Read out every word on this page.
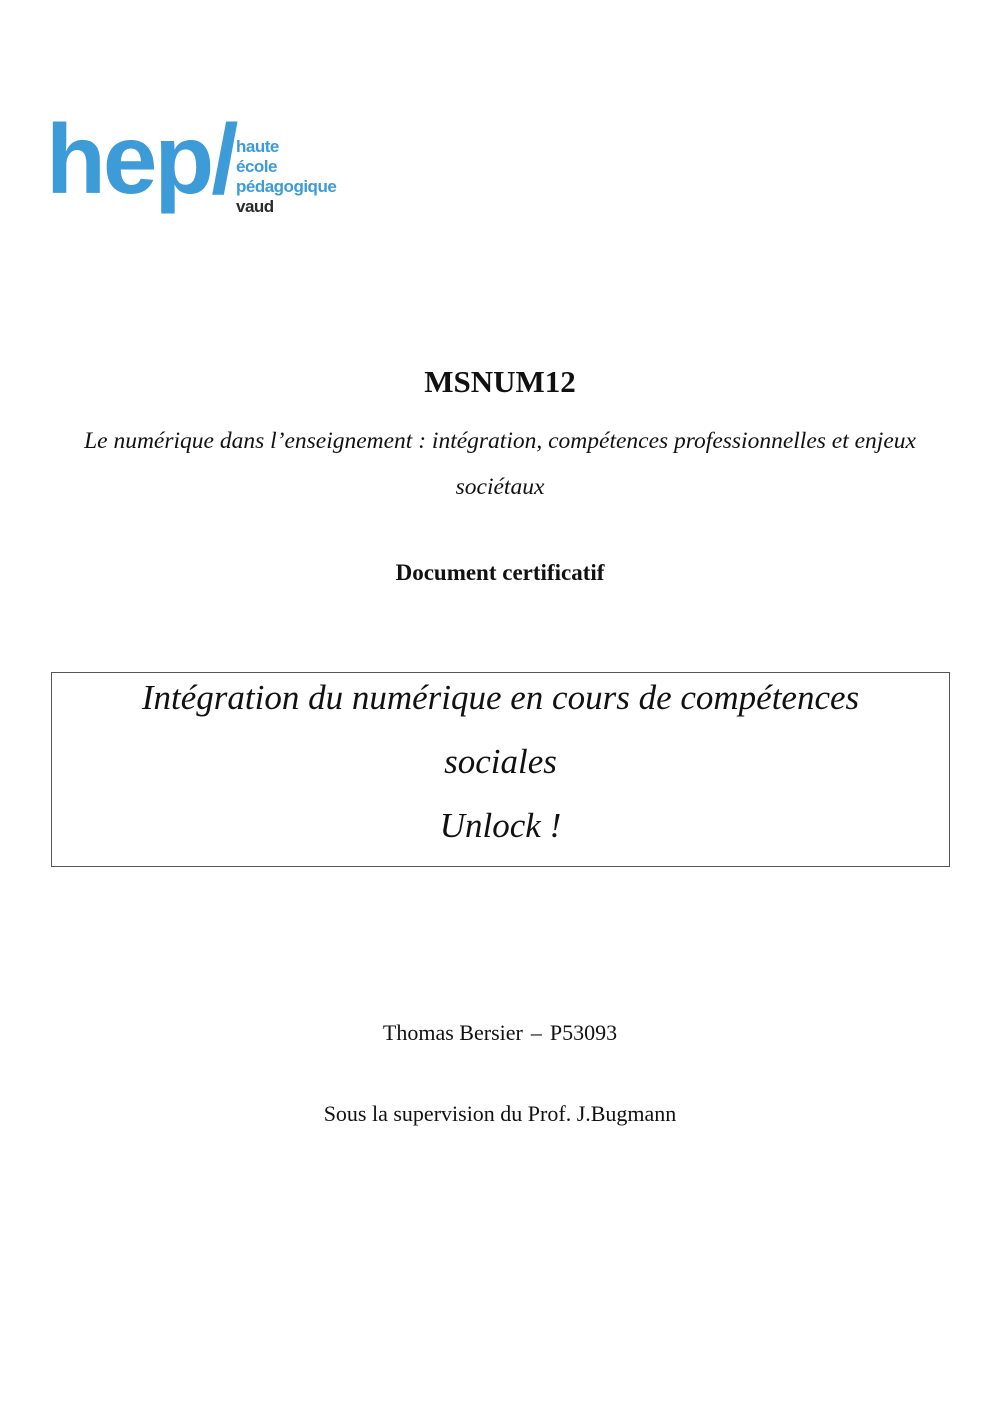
hep/ haute
école
pédagogique
vaud
MSNUM12
Le numérique dans l’enseignement : intégration, compétences professionnelles et enjeux sociétaux
Document certificatif
Intégration du numérique en cours de compétences
sociales
Unlock !
Thomas Bersier – P53093
Sous la supervision du Prof. J.Bugmann
